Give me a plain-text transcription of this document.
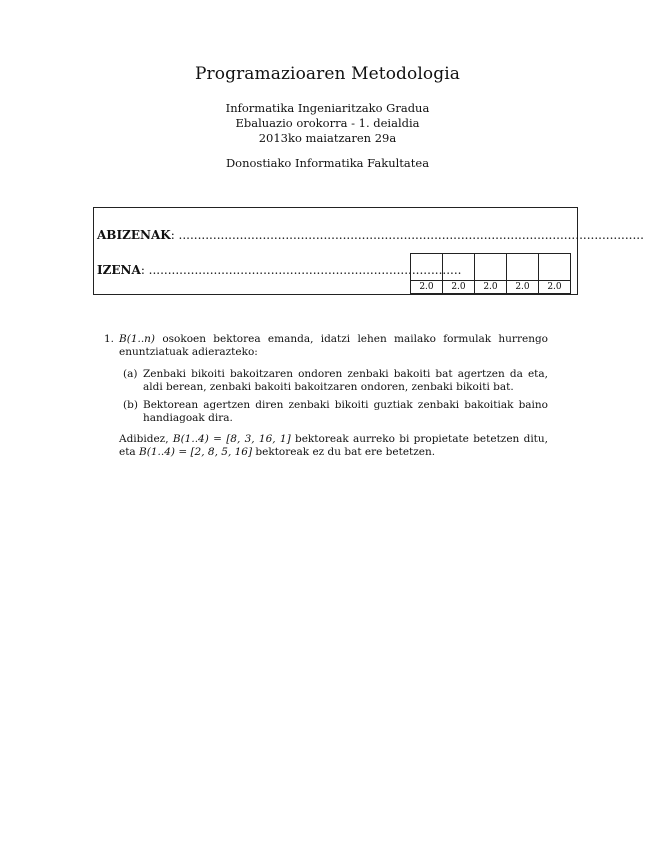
Programazioaren Metodologia
Informatika Ingeniaritzako Gradua
Ebaluazio orokorra - 1. deialdia
2013ko maiatzaren 29a
Donostiako Informatika Fakultatea
ABIZENAK: ..........................................................................................................................
IZENA: ..................................................................................

2.0	2.0	2.0	2.0	2.0
1. B(1..n) osokoen bektorea emanda, idatzi lehen mailako formulak hurrengo enuntziatuak adierazteko:
(a) Zenbaki bikoiti bakoitzaren ondoren zenbaki bakoiti bat agertzen da eta, aldi berean, zenbaki bakoiti bakoitzaren ondoren, zenbaki bikoiti bat.
(b) Bektorean agertzen diren zenbaki bikoiti guztiak zenbaki bakoitiak baino handiagoak dira.
Adibidez, B(1..4) = [8, 3, 16, 1] bektoreak aurreko bi propietate betetzen ditu, eta B(1..4) = [2, 8, 5, 16] bektoreak ez du bat ere betetzen.
